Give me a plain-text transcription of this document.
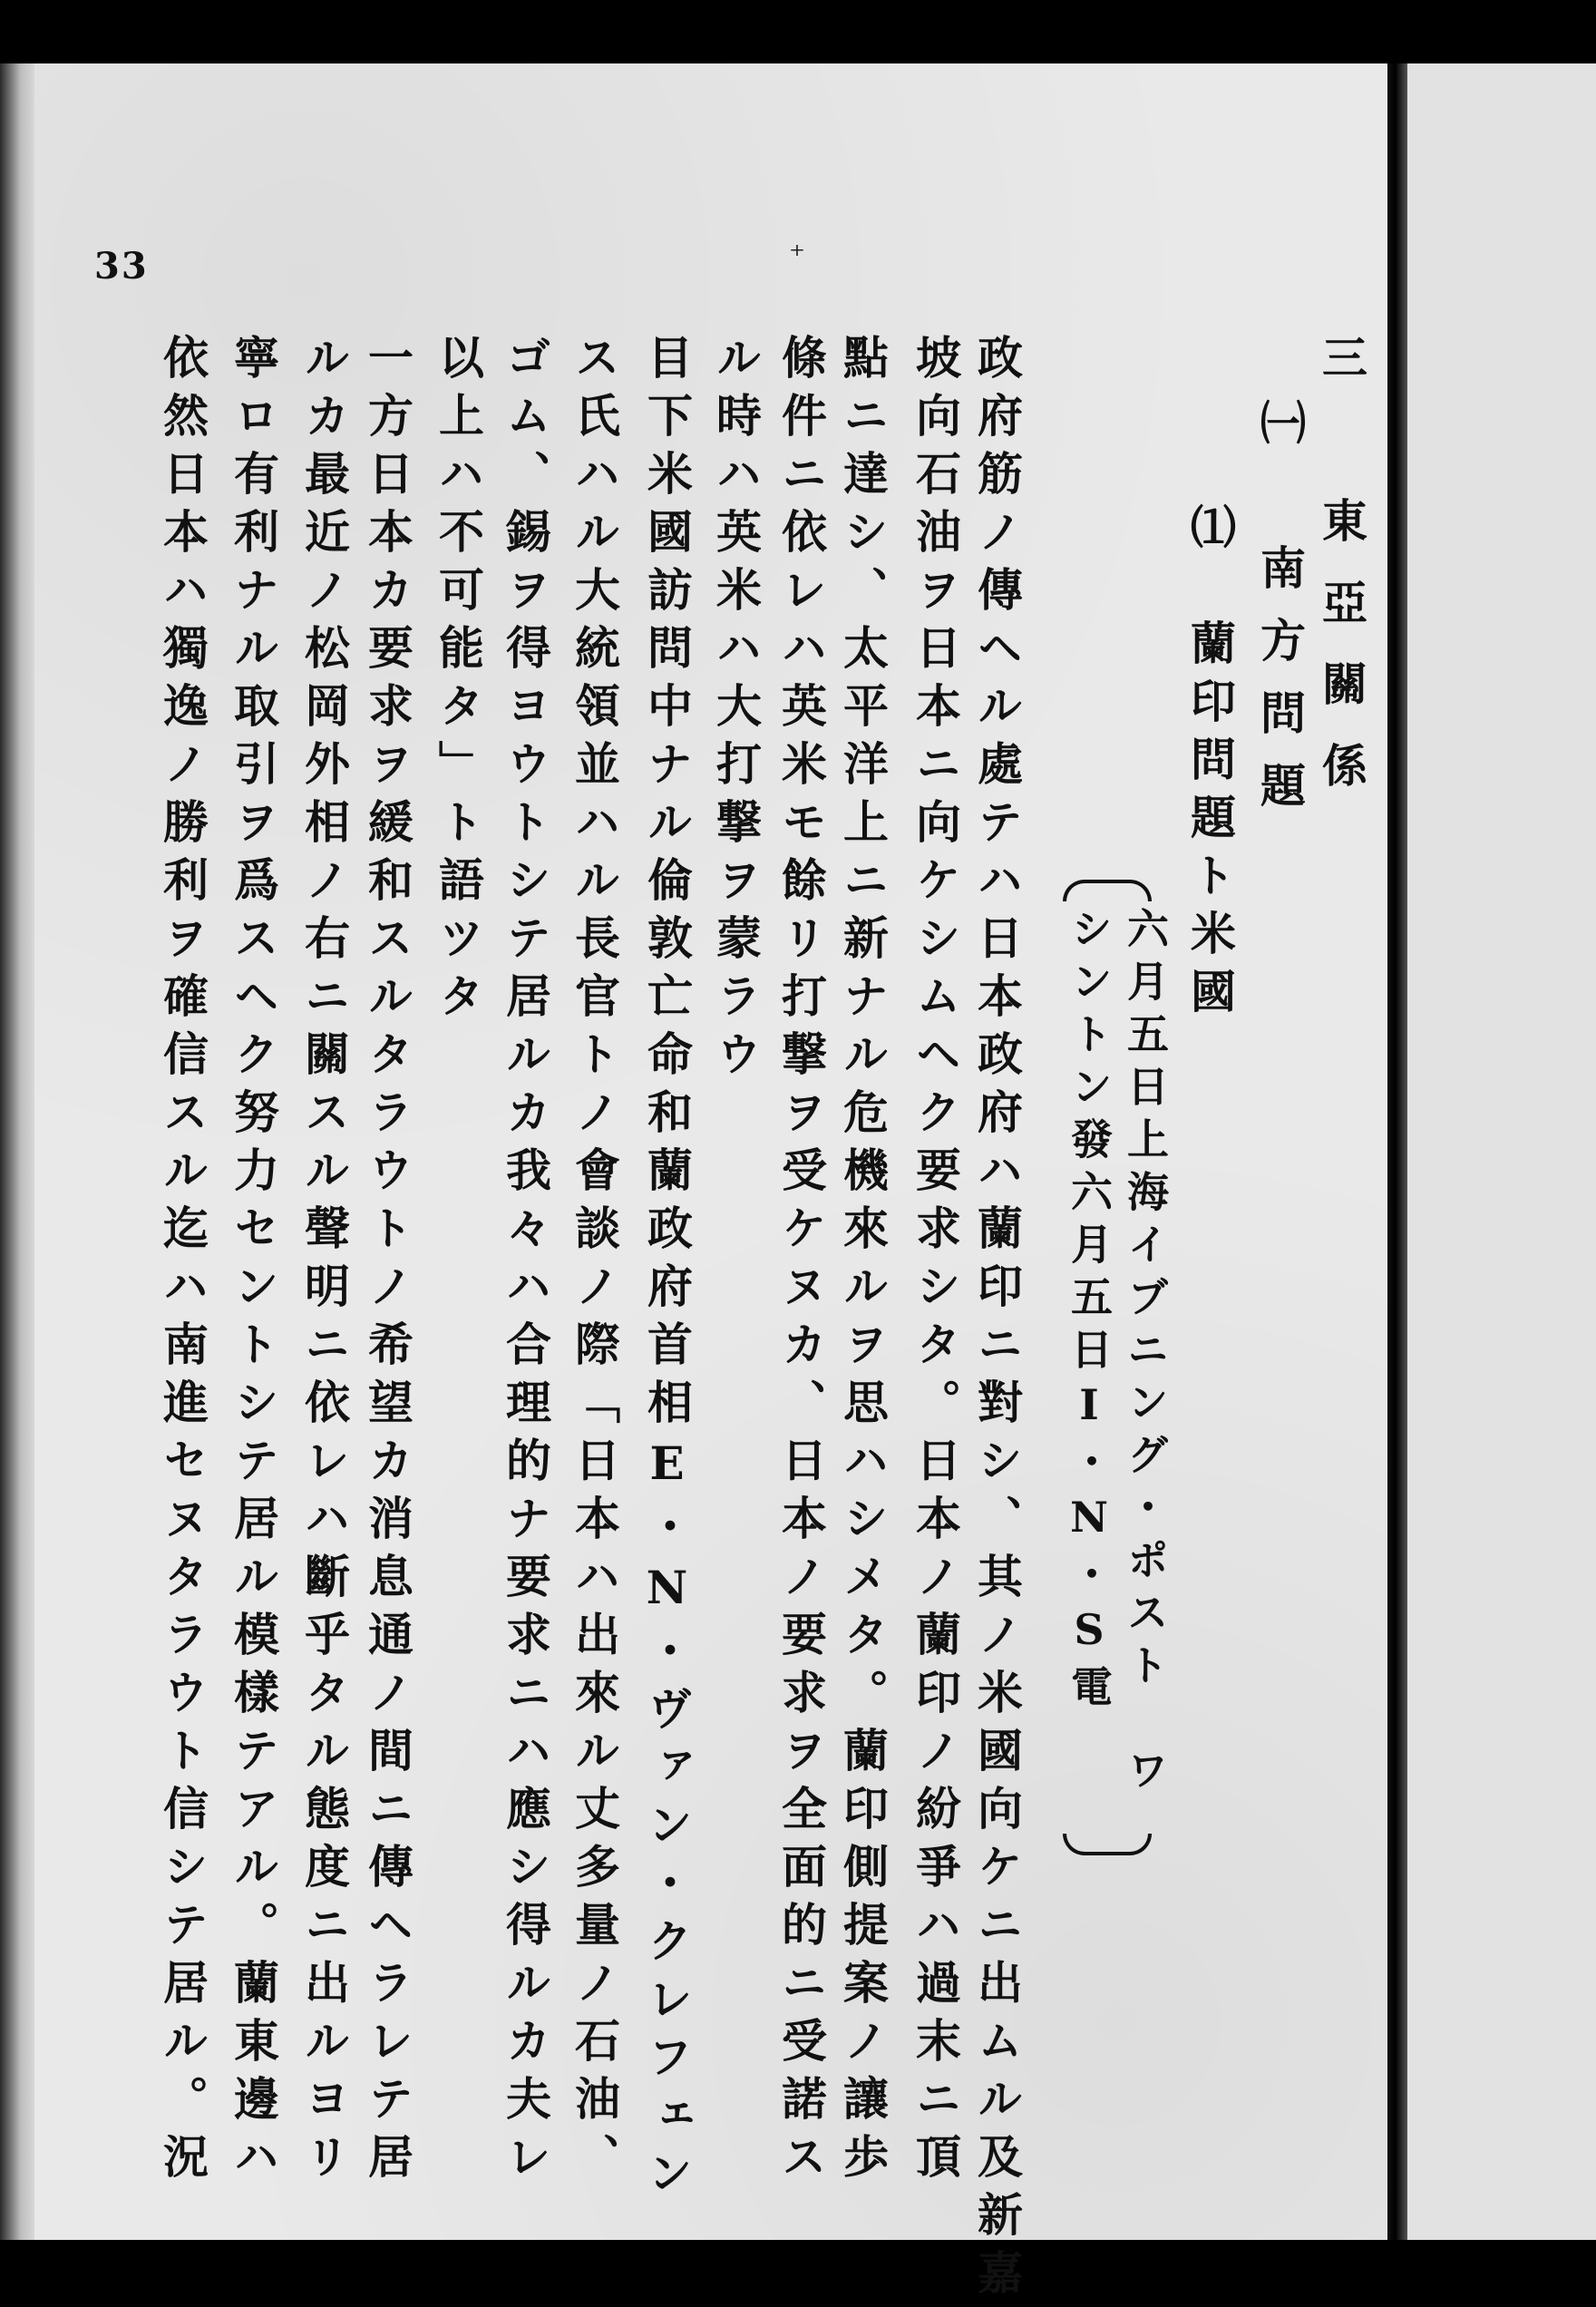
33	⁺
三　東亞關係
㈠　南方問題
⑴　蘭印問題ト米國
六月五日上海イブニング・ポスト　ワシントン發六月五日I・N・S電
政府筋ノ傳ヘル處テハ日本政府ハ蘭印ニ對シ、其ノ米國向ケニ出ムル及新嘉
坡向石油ヲ日本ニ向ケシムヘク要求シタ。日本ノ蘭印ノ紛爭ハ過末ニ頂
點ニ達シ、太平洋上ニ新ナル危機來ルヲ思ハシメタ。蘭印側提案ノ讓歩
條件ニ依レハ英米モ餘リ打撃ヲ受ケヌカ、日本ノ要求ヲ全面的ニ受諾ス
ル時ハ英米ハ大打撃ヲ蒙ラウ
目下米國訪問中ナル倫敦亡命和蘭政府首相E・N・ヴァン・クレフェン
ス氏ハル大統領並ハル長官トノ會談ノ際「日本ハ出來ル丈多量ノ石油、
ゴム、錫ヲ得ヨウトシテ居ルカ我々ハ合理的ナ要求ニハ應シ得ルカ夫レ
以上ハ不可能タ」ト語ツタ
一方日本カ要求ヲ緩和スルタラウトノ希望カ消息通ノ間ニ傳ヘラレテ居
ルカ最近ノ松岡外相ノ右ニ關スル聲明ニ依レハ斷乎タル態度ニ出ルヨリ
寧ロ有利ナル取引ヲ爲スヘク努力セントシテ居ル模樣テアル。蘭東邊ハ
依然日本ハ獨逸ノ勝利ヲ確信スル迄ハ南進セヌタラウト信シテ居ル。況
